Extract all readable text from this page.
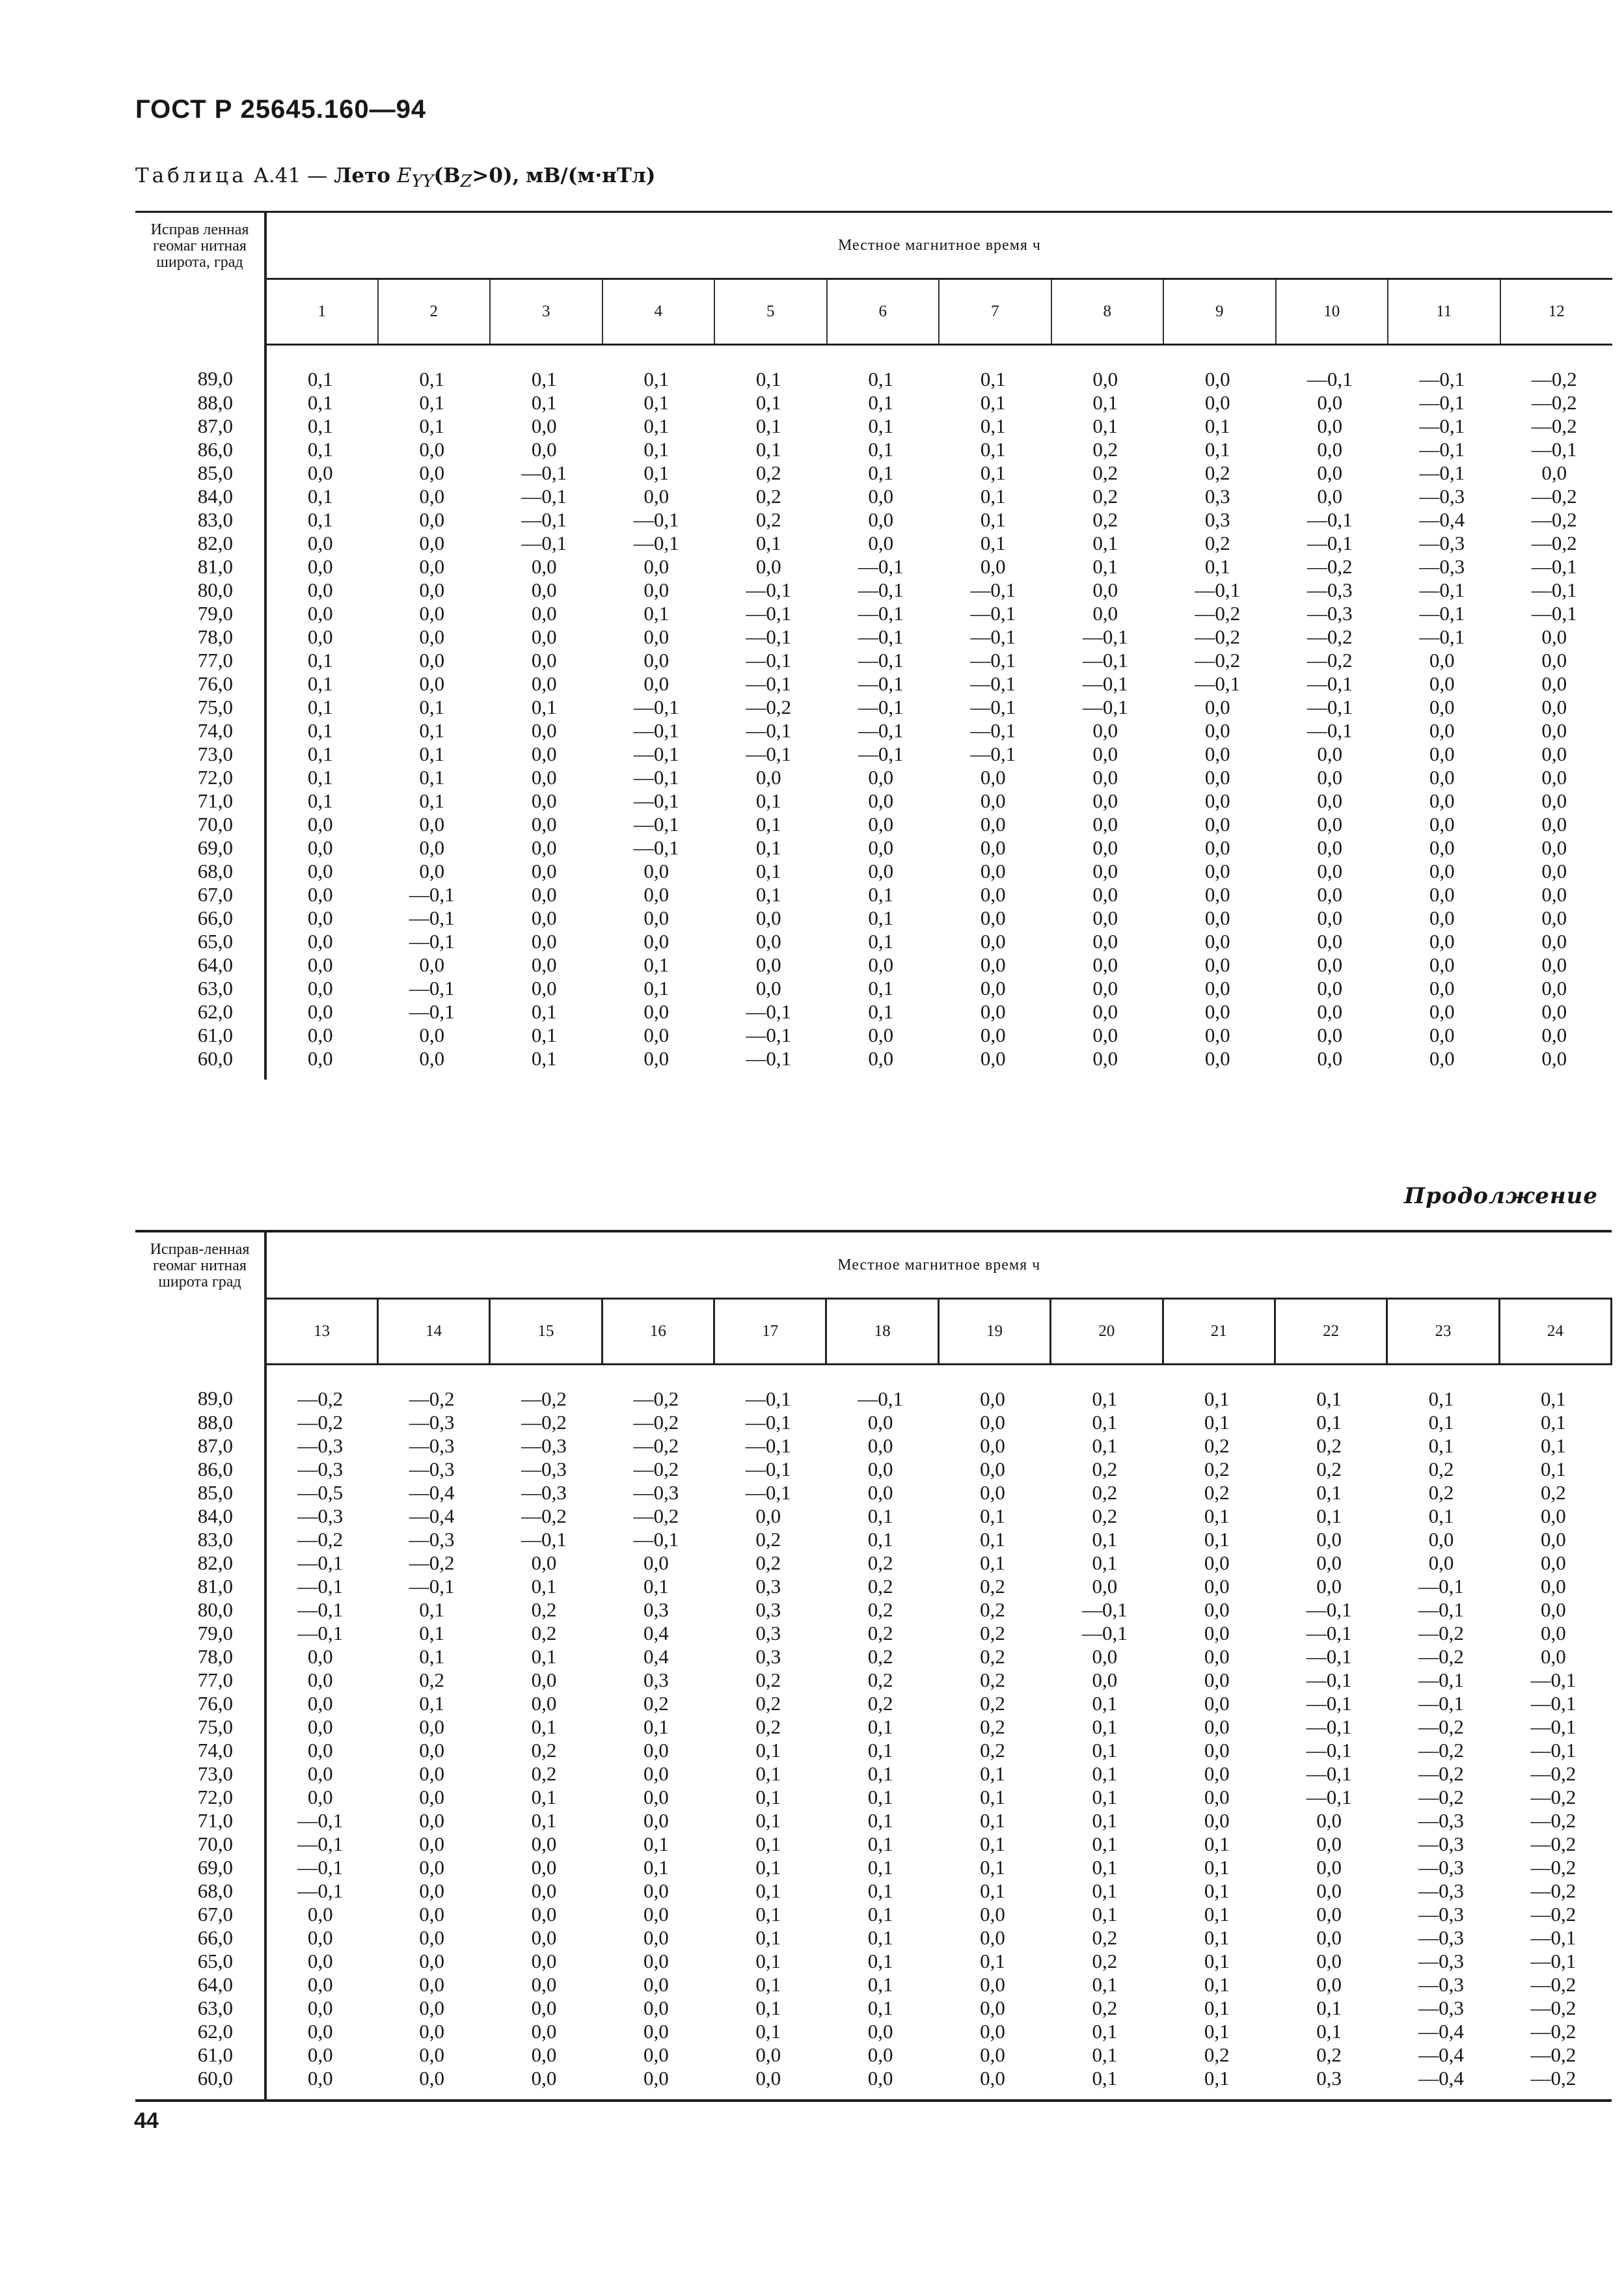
ГОСТ Р 25645.160—94
Таблица А.41 — Лето $E_{YY}(B_Z>0)$, мВ/(м·нТл)
Исправ ленная геомаг нитная широта, град	Местное магнитное время ч											
	1	2	3	4	5	6	7	8	9	10	11	12
89,0	0,1	0,1	0,1	0,1	0,1	0,1	0,1	0,0	0,0	—0,1	—0,1	—0,2
88,0	0,1	0,1	0,1	0,1	0,1	0,1	0,1	0,1	0,0	0,0	—0,1	—0,2
87,0	0,1	0,1	0,0	0,1	0,1	0,1	0,1	0,1	0,1	0,0	—0,1	—0,2
86,0	0,1	0,0	0,0	0,1	0,1	0,1	0,1	0,2	0,1	0,0	—0,1	—0,1
85,0	0,0	0,0	—0,1	0,1	0,2	0,1	0,1	0,2	0,2	0,0	—0,1	0,0
84,0	0,1	0,0	—0,1	0,0	0,2	0,0	0,1	0,2	0,3	0,0	—0,3	—0,2
83,0	0,1	0,0	—0,1	—0,1	0,2	0,0	0,1	0,2	0,3	—0,1	—0,4	—0,2
82,0	0,0	0,0	—0,1	—0,1	0,1	0,0	0,1	0,1	0,2	—0,1	—0,3	—0,2
81,0	0,0	0,0	0,0	0,0	0,0	—0,1	0,0	0,1	0,1	—0,2	—0,3	—0,1
80,0	0,0	0,0	0,0	0,0	—0,1	—0,1	—0,1	0,0	—0,1	—0,3	—0,1	—0,1
79,0	0,0	0,0	0,0	0,1	—0,1	—0,1	—0,1	0,0	—0,2	—0,3	—0,1	—0,1
78,0	0,0	0,0	0,0	0,0	—0,1	—0,1	—0,1	—0,1	—0,2	—0,2	—0,1	0,0
77,0	0,1	0,0	0,0	0,0	—0,1	—0,1	—0,1	—0,1	—0,2	—0,2	0,0	0,0
76,0	0,1	0,0	0,0	0,0	—0,1	—0,1	—0,1	—0,1	—0,1	—0,1	0,0	0,0
75,0	0,1	0,1	0,1	—0,1	—0,2	—0,1	—0,1	—0,1	0,0	—0,1	0,0	0,0
74,0	0,1	0,1	0,0	—0,1	—0,1	—0,1	—0,1	0,0	0,0	—0,1	0,0	0,0
73,0	0,1	0,1	0,0	—0,1	—0,1	—0,1	—0,1	0,0	0,0	0,0	0,0	0,0
72,0	0,1	0,1	0,0	—0,1	0,0	0,0	0,0	0,0	0,0	0,0	0,0	0,0
71,0	0,1	0,1	0,0	—0,1	0,1	0,0	0,0	0,0	0,0	0,0	0,0	0,0
70,0	0,0	0,0	0,0	—0,1	0,1	0,0	0,0	0,0	0,0	0,0	0,0	0,0
69,0	0,0	0,0	0,0	—0,1	0,1	0,0	0,0	0,0	0,0	0,0	0,0	0,0
68,0	0,0	0,0	0,0	0,0	0,1	0,0	0,0	0,0	0,0	0,0	0,0	0,0
67,0	0,0	—0,1	0,0	0,0	0,1	0,1	0,0	0,0	0,0	0,0	0,0	0,0
66,0	0,0	—0,1	0,0	0,0	0,0	0,1	0,0	0,0	0,0	0,0	0,0	0,0
65,0	0,0	—0,1	0,0	0,0	0,0	0,1	0,0	0,0	0,0	0,0	0,0	0,0
64,0	0,0	0,0	0,0	0,1	0,0	0,0	0,0	0,0	0,0	0,0	0,0	0,0
63,0	0,0	—0,1	0,0	0,1	0,0	0,1	0,0	0,0	0,0	0,0	0,0	0,0
62,0	0,0	—0,1	0,1	0,0	—0,1	0,1	0,0	0,0	0,0	0,0	0,0	0,0
61,0	0,0	0,0	0,1	0,0	—0,1	0,0	0,0	0,0	0,0	0,0	0,0	0,0
60,0	0,0	0,0	0,1	0,0	—0,1	0,0	0,0	0,0	0,0	0,0	0,0	0,0
Продолжение
Исправ-ленная геомаг нитная широта град	Местное магнитное время ч											
	13	14	15	16	17	18	19	20	21	22	23	24
89,0	—0,2	—0,2	—0,2	—0,2	—0,1	—0,1	0,0	0,1	0,1	0,1	0,1	0,1
88,0	—0,2	—0,3	—0,2	—0,2	—0,1	0,0	0,0	0,1	0,1	0,1	0,1	0,1
87,0	—0,3	—0,3	—0,3	—0,2	—0,1	0,0	0,0	0,1	0,2	0,2	0,1	0,1
86,0	—0,3	—0,3	—0,3	—0,2	—0,1	0,0	0,0	0,2	0,2	0,2	0,2	0,1
85,0	—0,5	—0,4	—0,3	—0,3	—0,1	0,0	0,0	0,2	0,2	0,1	0,2	0,2
84,0	—0,3	—0,4	—0,2	—0,2	0,0	0,1	0,1	0,2	0,1	0,1	0,1	0,0
83,0	—0,2	—0,3	—0,1	—0,1	0,2	0,1	0,1	0,1	0,1	0,0	0,0	0,0
82,0	—0,1	—0,2	0,0	0,0	0,2	0,2	0,1	0,1	0,0	0,0	0,0	0,0
81,0	—0,1	—0,1	0,1	0,1	0,3	0,2	0,2	0,0	0,0	0,0	—0,1	0,0
80,0	—0,1	0,1	0,2	0,3	0,3	0,2	0,2	—0,1	0,0	—0,1	—0,1	0,0
79,0	—0,1	0,1	0,2	0,4	0,3	0,2	0,2	—0,1	0,0	—0,1	—0,2	0,0
78,0	0,0	0,1	0,1	0,4	0,3	0,2	0,2	0,0	0,0	—0,1	—0,2	0,0
77,0	0,0	0,2	0,0	0,3	0,2	0,2	0,2	0,0	0,0	—0,1	—0,1	—0,1
76,0	0,0	0,1	0,0	0,2	0,2	0,2	0,2	0,1	0,0	—0,1	—0,1	—0,1
75,0	0,0	0,0	0,1	0,1	0,2	0,1	0,2	0,1	0,0	—0,1	—0,2	—0,1
74,0	0,0	0,0	0,2	0,0	0,1	0,1	0,2	0,1	0,0	—0,1	—0,2	—0,1
73,0	0,0	0,0	0,2	0,0	0,1	0,1	0,1	0,1	0,0	—0,1	—0,2	—0,2
72,0	0,0	0,0	0,1	0,0	0,1	0,1	0,1	0,1	0,0	—0,1	—0,2	—0,2
71,0	—0,1	0,0	0,1	0,0	0,1	0,1	0,1	0,1	0,0	0,0	—0,3	—0,2
70,0	—0,1	0,0	0,0	0,1	0,1	0,1	0,1	0,1	0,1	0,0	—0,3	—0,2
69,0	—0,1	0,0	0,0	0,1	0,1	0,1	0,1	0,1	0,1	0,0	—0,3	—0,2
68,0	—0,1	0,0	0,0	0,0	0,1	0,1	0,1	0,1	0,1	0,0	—0,3	—0,2
67,0	0,0	0,0	0,0	0,0	0,1	0,1	0,0	0,1	0,1	0,0	—0,3	—0,2
66,0	0,0	0,0	0,0	0,0	0,1	0,1	0,0	0,2	0,1	0,0	—0,3	—0,1
65,0	0,0	0,0	0,0	0,0	0,1	0,1	0,1	0,2	0,1	0,0	—0,3	—0,1
64,0	0,0	0,0	0,0	0,0	0,1	0,1	0,0	0,1	0,1	0,0	—0,3	—0,2
63,0	0,0	0,0	0,0	0,0	0,1	0,1	0,0	0,2	0,1	0,1	—0,3	—0,2
62,0	0,0	0,0	0,0	0,0	0,1	0,0	0,0	0,1	0,1	0,1	—0,4	—0,2
61,0	0,0	0,0	0,0	0,0	0,0	0,0	0,0	0,1	0,2	0,2	—0,4	—0,2
60,0	0,0	0,0	0,0	0,0	0,0	0,0	0,0	0,1	0,1	0,3	—0,4	—0,2
44
